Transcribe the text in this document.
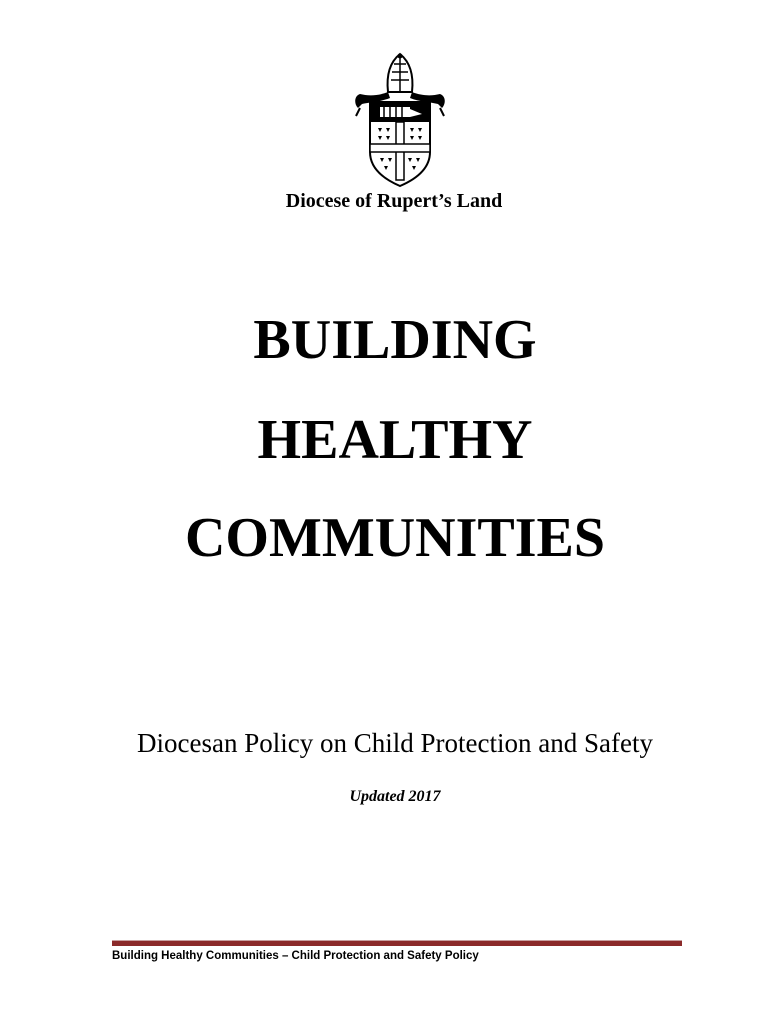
Diocese of Rupert’s Land
BUILDING
HEALTHY
COMMUNITIES
Diocesan Policy on Child Protection and Safety
Updated 2017
Building Healthy Communities – Child Protection and Safety Policy
